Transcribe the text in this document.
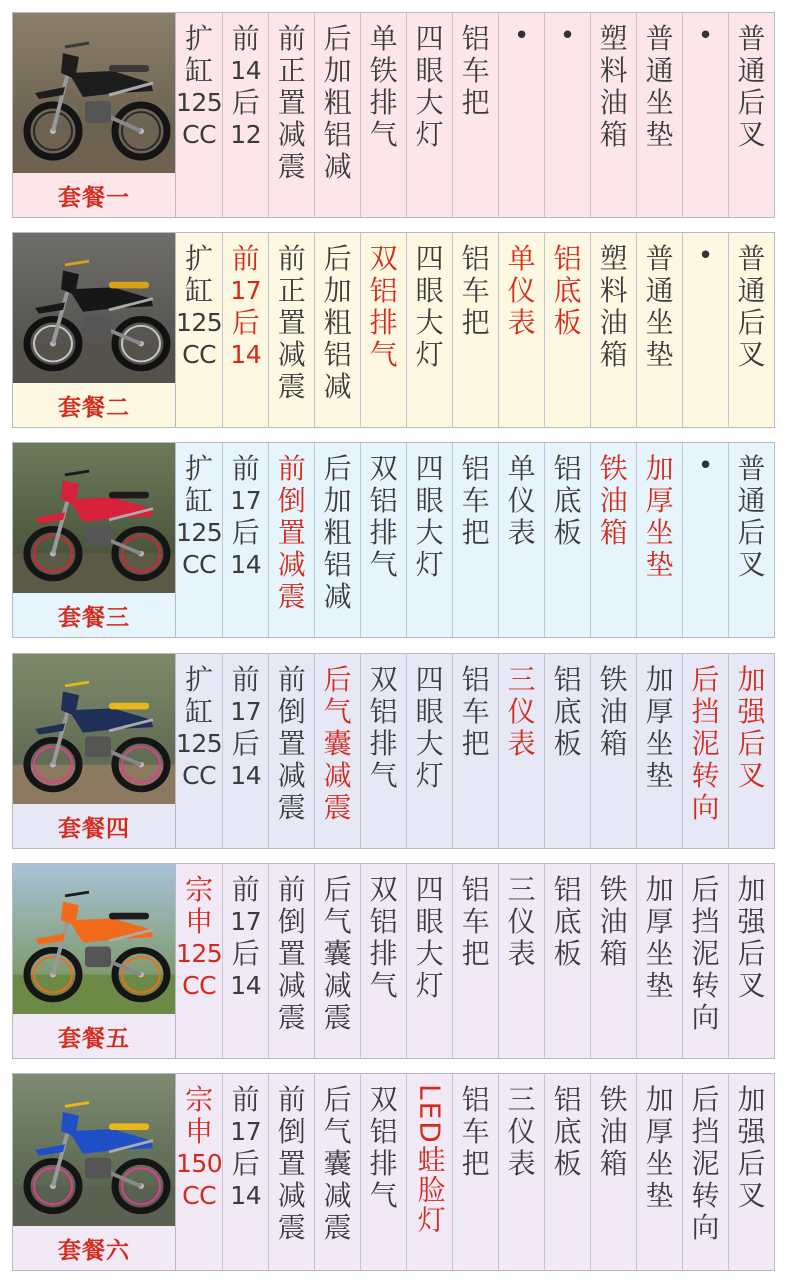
套餐一
扩
缸
125
CC
前
14
后
12
前
正
置
减
震
后
加
粗
铝
减
单
铁
排
气
四
眼
大
灯
铝
车
把
•	• 塑
料
油
箱
普
通
坐
垫
• 普
通
后
叉
套餐二
扩
缸
125
CC
前
17
后
14
前
正
置
减
震
后
加
粗
铝
减
双
铝
排
气
四
眼
大
灯
铝
车
把
单
仪
表
铝
底
板
塑
料
油
箱
普
通
坐
垫
• 普
通
后
叉
套餐三
扩
缸
125
CC
前
17
后
14
前
倒
置
减
震
后
加
粗
铝
减
双
铝
排
气
四
眼
大
灯
铝
车
把
单
仪
表
铝
底
板
铁
油
箱
加
厚
坐
垫
• 普
通
后
叉
套餐四
扩
缸
125
CC
前
17
后
14
前
倒
置
减
震
后
气
囊
减
震
双
铝
排
气
四
眼
大
灯
铝
车
把
三
仪
表
铝
底
板
铁
油
箱
加
厚
坐
垫
后
挡
泥
转
向
加
强
后
叉
套餐五
宗
申
125
CC
前
17
后
14
前
倒
置
减
震
后
气
囊
减
震
双
铝
排
气
四
眼
大
灯
铝
车
把
三
仪
表
铝
底
板
铁
油
箱
加
厚
坐
垫
后
挡
泥
转
向
加
强
后
叉
套餐六
宗
申
150
CC
前
17
后
14
前
倒
置
减
震
后
气
囊
减
震
双
铝
排
气 LED蛙脸灯 铝
车
把
三
仪
表
铝
底
板
铁
油
箱
加
厚
坐
垫
后
挡
泥
转
向
加
强
后
叉
